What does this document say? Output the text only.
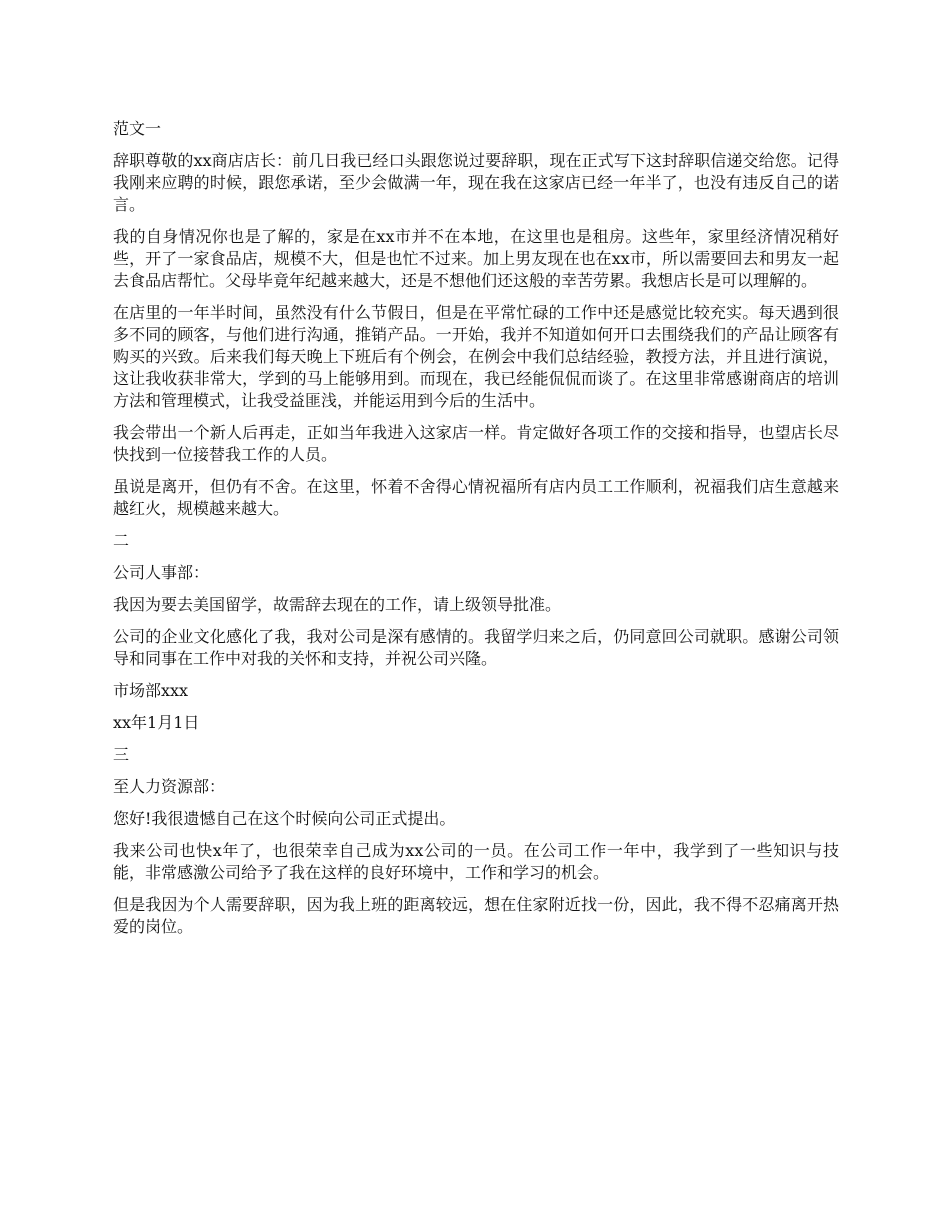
范文一

辞职尊敬的xx商店店长：前几日我已经口头跟您说过要辞职，现在正式写下这封辞职信递交给您。记得我刚来应聘的时候，跟您承诺，至少会做满一年，现在我在这家店已经一年半了，也没有违反自己的诺言。

我的自身情况你也是了解的，家是在xx市并不在本地，在这里也是租房。这些年，家里经济情况稍好些，开了一家食品店，规模不大，但是也忙不过来。加上男友现在也在xx市，所以需要回去和男友一起去食品店帮忙。父母毕竟年纪越来越大，还是不想他们还这般的幸苦劳累。我想店长是可以理解的。

在店里的一年半时间，虽然没有什么节假日，但是在平常忙碌的工作中还是感觉比较充实。每天遇到很多不同的顾客，与他们进行沟通，推销产品。一开始，我并不知道如何开口去围绕我们的产品让顾客有购买的兴致。后来我们每天晚上下班后有个例会，在例会中我们总结经验，教授方法，并且进行演说，这让我收获非常大，学到的马上能够用到。而现在，我已经能侃侃而谈了。在这里非常感谢商店的培训方法和管理模式，让我受益匪浅，并能运用到今后的生活中。

我会带出一个新人后再走，正如当年我进入这家店一样。肯定做好各项工作的交接和指导，也望店长尽快找到一位接替我工作的人员。

虽说是离开，但仍有不舍。在这里，怀着不舍得心情祝福所有店内员工工作顺利，祝福我们店生意越来越红火，规模越来越大。

二

公司人事部：

我因为要去美国留学，故需辞去现在的工作，请上级领导批准。

公司的企业文化感化了我，我对公司是深有感情的。我留学归来之后，仍同意回公司就职。感谢公司领导和同事在工作中对我的关怀和支持，并祝公司兴隆。

市场部xxx

xx年1月1日

三

至人力资源部：

您好!我很遗憾自己在这个时候向公司正式提出。

我来公司也快x年了，也很荣幸自己成为xx公司的一员。在公司工作一年中，我学到了一些知识与技能，非常感激公司给予了我在这样的良好环境中，工作和学习的机会。

但是我因为个人需要辞职，因为我上班的距离较远，想在住家附近找一份，因此，我不得不忍痛离开热爱的岗位。
